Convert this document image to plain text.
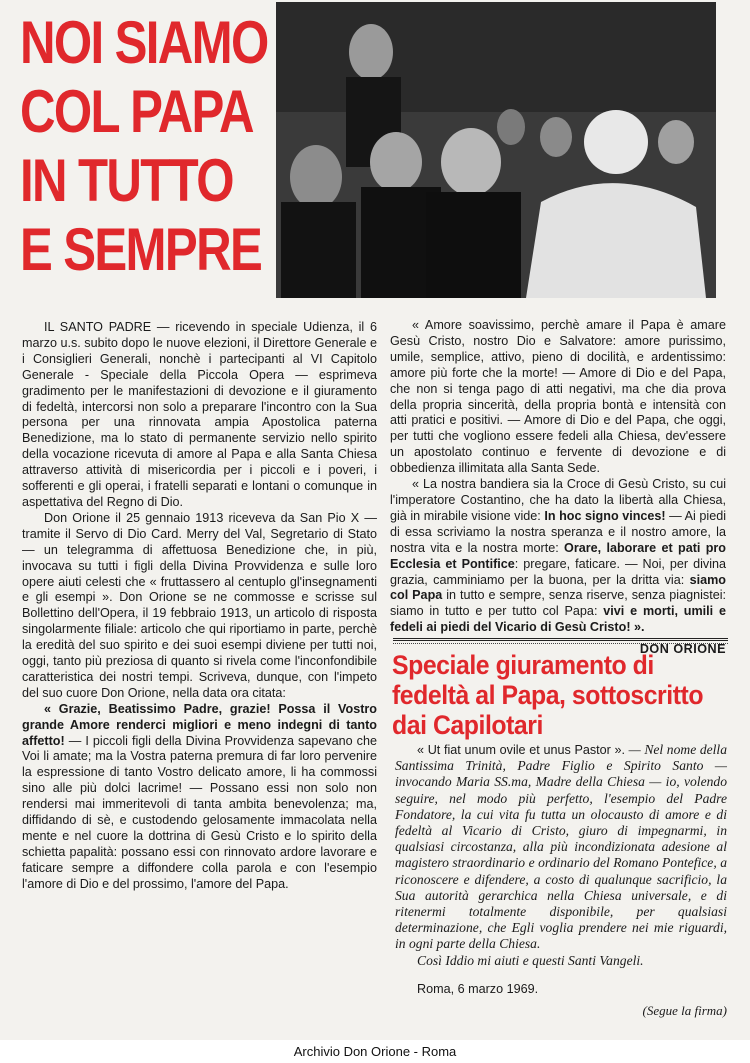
NOI SIAMO
COL PAPA
IN TUTTO
E SEMPRE

IL SANTO PADRE — ricevendo in speciale Udienza, il 6 marzo u.s. subito dopo le nuove elezioni, il Direttore Generale e i Consiglieri Generali, nonchè i partecipanti al VI Capitolo Generale - Speciale della Piccola Opera — esprimeva gradimento per le manifestazioni di devozione e il giuramento di fedeltà, intercorsi non solo a preparare l'incontro con la Sua persona per una rinnovata ampia Apostolica paterna Benedizione, ma lo stato di permanente servizio nello spirito della vocazione ricevuta di amore al Papa e alla Santa Chiesa attraverso attività di misericordia per i piccoli e i poveri, i sofferenti e gli operai, i fratelli separati e lontani o comunque in aspettativa del Regno di Dio.

Don Orione il 25 gennaio 1913 riceveva da San Pio X — tramite il Servo di Dio Card. Merry del Val, Segretario di Stato — un telegramma di affettuosa Benedizione che, in più, invocava su tutti i figli della Divina Provvidenza e sulle loro opere aiuti celesti che « fruttassero al centuplo gl'insegnamenti e gli esempi ». Don Orione se ne commosse e scrisse sul Bollettino dell'Opera, il 19 febbraio 1913, un articolo di risposta singolarmente filiale: articolo che qui riportiamo in parte, perchè la eredità del suo spirito e dei suoi esempi diviene per tutti noi, oggi, tanto più preziosa di quanto si rivela come l'inconfondibile caratteristica dei nostri tempi. Scriveva, dunque, con l'impeto del suo cuore Don Orione, nella data ora citata:

« Grazie, Beatissimo Padre, grazie! Possa il Vostro grande Amore renderci migliori e meno indegni di tanto affetto! — I piccoli figli della Divina Provvidenza sapevano che Voi li amate; ma la Vostra paterna premura di far loro pervenire la espressione di tanto Vostro delicato amore, li ha commossi sino alle più dolci lacrime! — Possano essi non solo non rendersi mai immeritevoli di tanta ambita benevolenza; ma, diffidando di sè, e custodendo gelosamente immacolata nella mente e nel cuore la dottrina di Gesù Cristo e lo spirito della schietta papalità: possano essi con rinnovato ardore lavorare e faticare sempre a diffondere colla parola e con l'esempio l'amore di Dio e del prossimo, l'amore del Papa.

« Amore soavissimo, perchè amare il Papa è amare Gesù Cristo, nostro Dio e Salvatore: amore purissimo, umile, semplice, attivo, pieno di docilità, e ardentissimo: amore più forte che la morte! — Amore di Dio e del Papa, che non si tenga pago di atti negativi, ma che dia prova della propria sincerità, della propria bontà e intensità con atti pratici e positivi. — Amore di Dio e del Papa, che oggi, per tutti che vogliono essere fedeli alla Chiesa, dev'essere un apostolato continuo e fervente di devozione e di obbedienza illimitata alla Santa Sede.

« La nostra bandiera sia la Croce di Gesù Cristo, su cui l'imperatore Costantino, che ha dato la libertà alla Chiesa, già in mirabile visione vide: In hoc signo vinces! — Ai piedi di essa scriviamo la nostra speranza e il nostro amore, la nostra vita e la nostra morte: Orare, laborare et pati pro Ecclesia et Pontifice: pregare, faticare. — Noi, per divina grazia, camminiamo per la buona, per la dritta via: siamo col Papa in tutto e sempre, senza riserve, senza piagnistei: siamo in tutto e per tutto col Papa: vivi e morti, umili e fedeli ai piedi del Vicario di Gesù Cristo! ».

DON ORIONE
Speciale giuramento di fedeltà al Papa, sottoscritto dai Capilotari

« Ut fiat unum ovile et unus Pastor ». — Nel nome della Santissima Trinità, Padre Figlio e Spirito Santo — invocando Maria SS.ma, Madre della Chiesa — io, volendo seguire, nel modo più perfetto, l'esempio del Padre Fondatore, la cui vita fu tutta un olocausto di amore e di fedeltà al Vicario di Cristo, giuro di impegnarmi, in qualsiasi circostanza, alla più incondizionata adesione al magistero straordinario e ordinario del Romano Pontefice, a riconoscere e difendere, a costo di qualunque sacrificio, la Sua autorità gerarchica nella Chiesa universale, e di ritenermi totalmente disponibile, per qualsiasi determinazione, che Egli voglia prendere nei mie riguardi, in ogni parte della Chiesa.

Così Iddio mi aiuti e questi Santi Vangeli.

Roma, 6 marzo 1969.

(Segue la firma)
Archivio Don Orione - Roma
